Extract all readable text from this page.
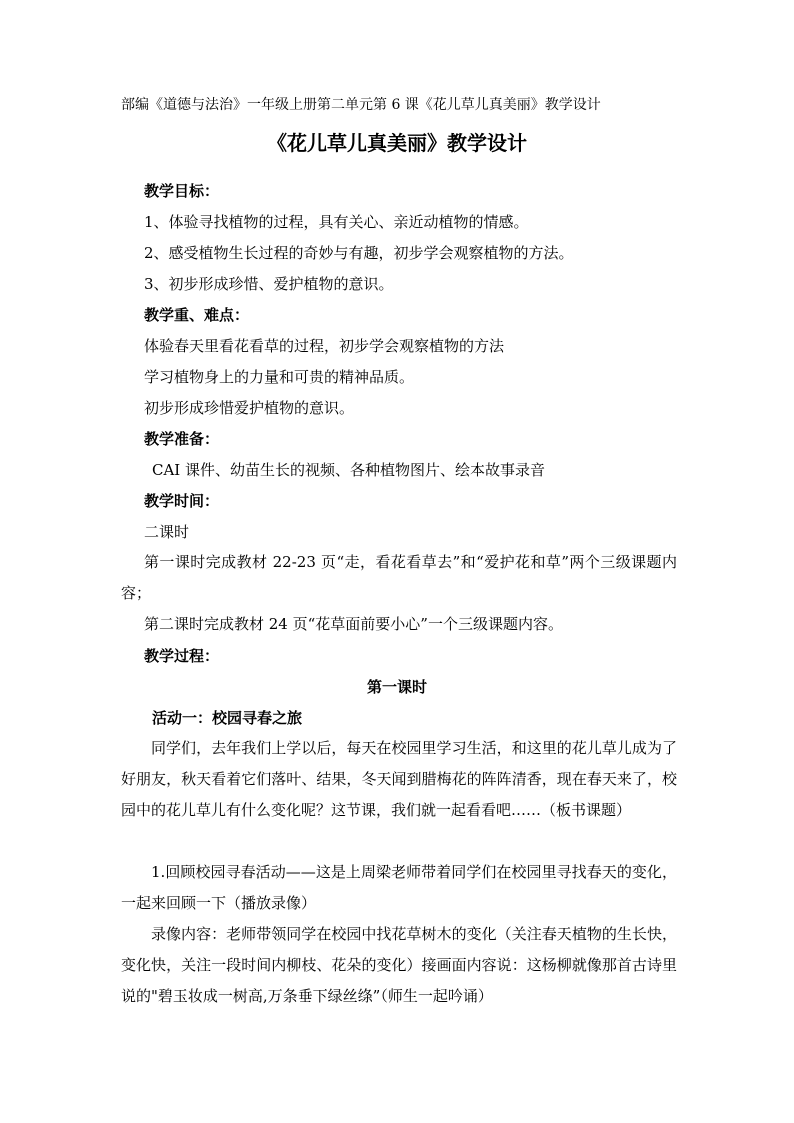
部编《道德与法治》一年级上册第二单元第 6 课《花儿草儿真美丽》教学设计
《花儿草儿真美丽》教学设计
教学目标：
1、体验寻找植物的过程，具有关心、亲近动植物的情感。
2、感受植物生长过程的奇妙与有趣，初步学会观察植物的方法。
3、初步形成珍惜、爱护植物的意识。
教学重、难点：
体验春天里看花看草的过程，初步学会观察植物的方法
学习植物身上的力量和可贵的精神品质。
初步形成珍惜爱护植物的意识。
教学准备：
CAI 课件、幼苗生长的视频、各种植物图片、绘本故事录音
教学时间：
二课时
第一课时完成教材 22-23 页“走，看花看草去”和“爱护花和草”两个三级课题内容；
第二课时完成教材 24 页“花草面前要小心”一个三级课题内容。
教学过程：
第一课时
活动一：校园寻春之旅
同学们，去年我们上学以后，每天在校园里学习生活，和这里的花儿草儿成为了好朋友，秋天看着它们落叶、结果，冬天闻到腊梅花的阵阵清香，现在春天来了，校园中的花儿草儿有什么变化呢？这节课，我们就一起看看吧……（板书课题）
1.回顾校园寻春活动——这是上周梁老师带着同学们在校园里寻找春天的变化，一起来回顾一下（播放录像）
录像内容：老师带领同学在校园中找花草树木的变化（关注春天植物的生长快，变化快，关注一段时间内柳枝、花朵的变化）接画面内容说：这杨柳就像那首古诗里说的"碧玉妆成一树高,万条垂下绿丝绦”（师生一起吟诵）
